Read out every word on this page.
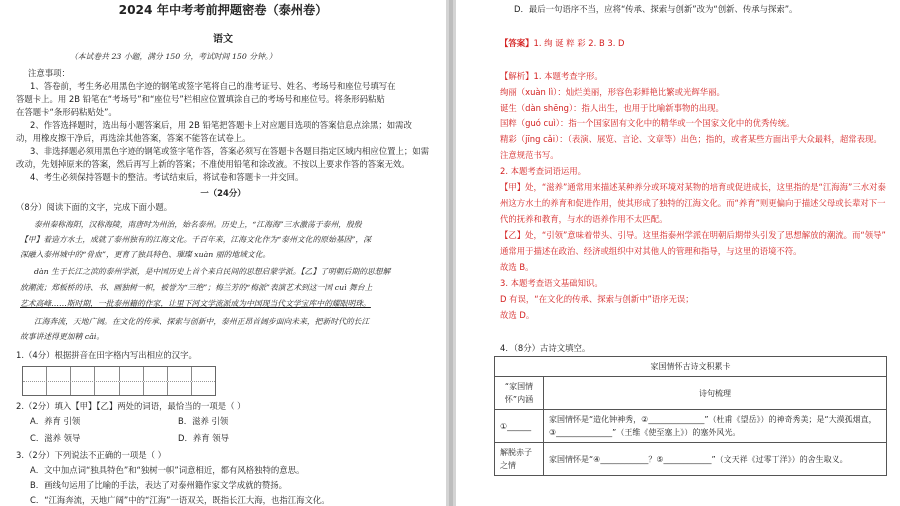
2024 年中考考前押题密卷（泰州卷）
语文
（本试卷共 23 小题，满分 150 分，考试时间 150 分钟。）
注意事项：
1、答卷前，考生务必用黑色字迹的钢笔或签字笔将自己的准考证号、姓名、考场号和座位号填写在
答题卡上。用 2B 铅笔在“考场号”和“座位号”栏相应位置填涂自己的考场号和座位号。将条形码粘贴
在答题卡“条形码粘贴处”。
2、作答选择题时，选出每小题答案后，用 2B 铅笔把答题卡上对应题目选项的答案信息点涂黑；如需改
动，用橡皮擦干净后，再选涂其他答案，答案不能答在试卷上。
3、非选择题必须用黑色字迹的钢笔或签字笔作答，答案必须写在答题卡各题目指定区域内相应位置上；如需
改动，先划掉原来的答案，然后再写上新的答案；不准使用铅笔和涂改液。不按以上要求作答的答案无效。
4、考生必须保持答题卡的整洁。考试结束后，将试卷和答题卡一并交回。
一（24分）
（8分）阅读下面的文字，完成下面小题。
泰州秦称海阳，汉称海陵，南唐时为州治，始名泰州。历史上，“江海海”三水激荡于泰州，殷殷
【甲】着造方水土，成就了泰州独有的江海文化。千百年来，江海文化作为“泰州文化的原始基因”，深
深融入泰州城中的“骨血”，更育了独具特色、璀璨 xuàn 丽的地域文化。
dàn 生于长江之滨的泰州学派，是中国历史上首个来自民间的思想启蒙学派。【乙】了明朝后期的思想解
放潮流；郑板桥的诗、书、画独树一帜，被誉为“三绝”；梅兰芳的“梅派”表演艺术到这一国 cuì 舞台上
艺术高峰……斯时期，一批泰州籍的作家，让里下河文学流派成为中国现当代文学宝库中的耀眼明珠。
江海奔流，天地广阔。在文化的传承、探索与创新中，泰州正昂首阔步面向未来，把新时代的长江
故事讲述得更加精 cǎi。
1.（4分）根据拼音在田字格内写出相应的汉字。
2.（2分）填入【甲】【乙】两处的词语，最恰当的一项是（ ）
A．养育 引领	B．滋养 引领
C．滋养 领导	D．养育 领导
3.（2分）下列说法不正确的一项是（ ）
A．文中加点词“独具特色”和“独树一帜”词意相近，都有风格独特的意思。
B．画线句运用了比喻的手法，表达了对泰州籍作家文学成就的赞扬。
C．“江海奔流，天地广阔”中的“江海”一语双关，既指长江大海，也指江海文化。
D．最后一句语序不当，应将“传承、探索与创新”改为“创新、传承与探索”。
【答案】1. 绚 诞 粹 彩 2. B 3. D
【解析】1. 本题考查字形。
绚丽（xuàn lì）：灿烂美丽，形容色彩鲜艳比繁或光辉华丽。
诞生（dàn shēng）：指人出生，也用于比喻新事物的出现。
国粹（guó cuì）：指一个国家固有文化中的精华或一个国家文化中的优秀传统。
精彩（jīng cǎi）：（表演、展览、言论、文章等）出色；指的，或者某些方面出乎大众最料，超常表现。
注意规范书写。
2. 本题考查词语运用。
【甲】处，“滋养”通常用来描述某种养分或环境对某物的培育或促进成长，这里指的是“江海海”三水对泰
州这方水土的养育和促进作用，使其形成了独特的江海文化。而“养育”则更偏向于描述父母或长辈对下一
代的抚养和教育，与水的语养作用不太匹配。
【乙】处，“引领”意味着带头、引导。这里指泰州学派在明朝后期带头引发了思想解放的潮流。而“领导”
通常用于描述在政治、经济或组织中对其他人的管理和指导，与这里的语境不符。
故选 B。
3. 本题考查语文基础知识。
D 有误，“在文化的传承、探索与创新中”语序无误；
故选 D。
4．（8分）古诗文填空。
家国情怀古诗文积累卡	
“家国情怀”内涵	诗句梳理
①______	家国情怀是“造化钟神秀，②______________”（杜甫《望岳》）的神奇秀美；是“大漠孤烟直，
③______________”（王维《使至塞上》）的塞外风光。

解脱赤子之情	家国情怀是“④____________？⑤____________”（文天祥《过零丁洋》）的舍生取义。
